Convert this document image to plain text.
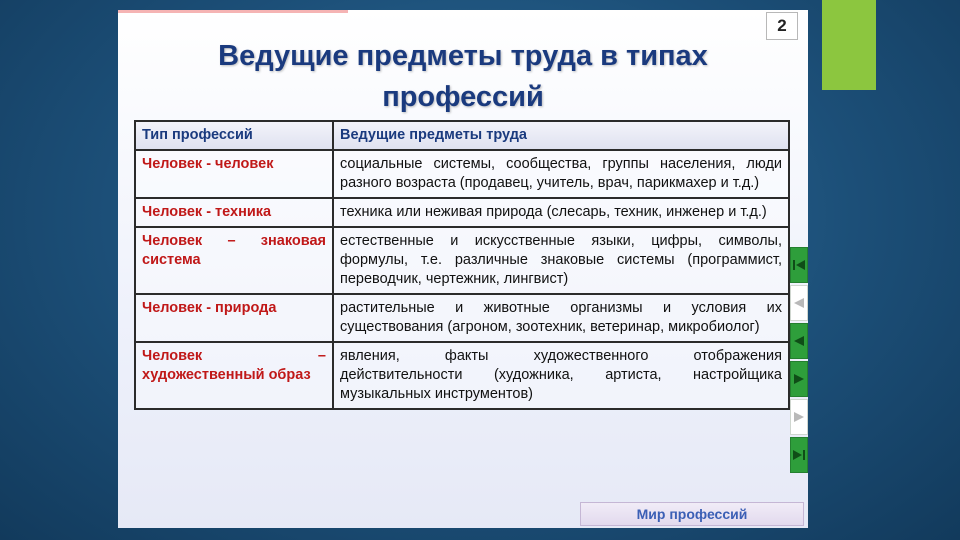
2
Ведущие предметы труда в типах профессий
Тип профессий	Ведущие предметы труда
Человек - человек	социальные системы, сообщества, группы населения, люди разного возраста (продавец, учитель, врач, парикмахер и т.д.)
Человек - техника	техника или неживая природа (слесарь, техник, инженер и т.д.)
Человек – знаковая система	естественные и искусственные языки, цифры, символы, формулы, т.е. различные знаковые системы (программист, переводчик, чертежник, лингвист)
Человек - природа	растительные и животные организмы и условия их существования (агроном, зоотехник, ветеринар, микробиолог)
Человек – художественный образ	явления, факты художественного отображения действительности (художника, артиста, настройщика музыкальных инструментов)
Мир профессий
